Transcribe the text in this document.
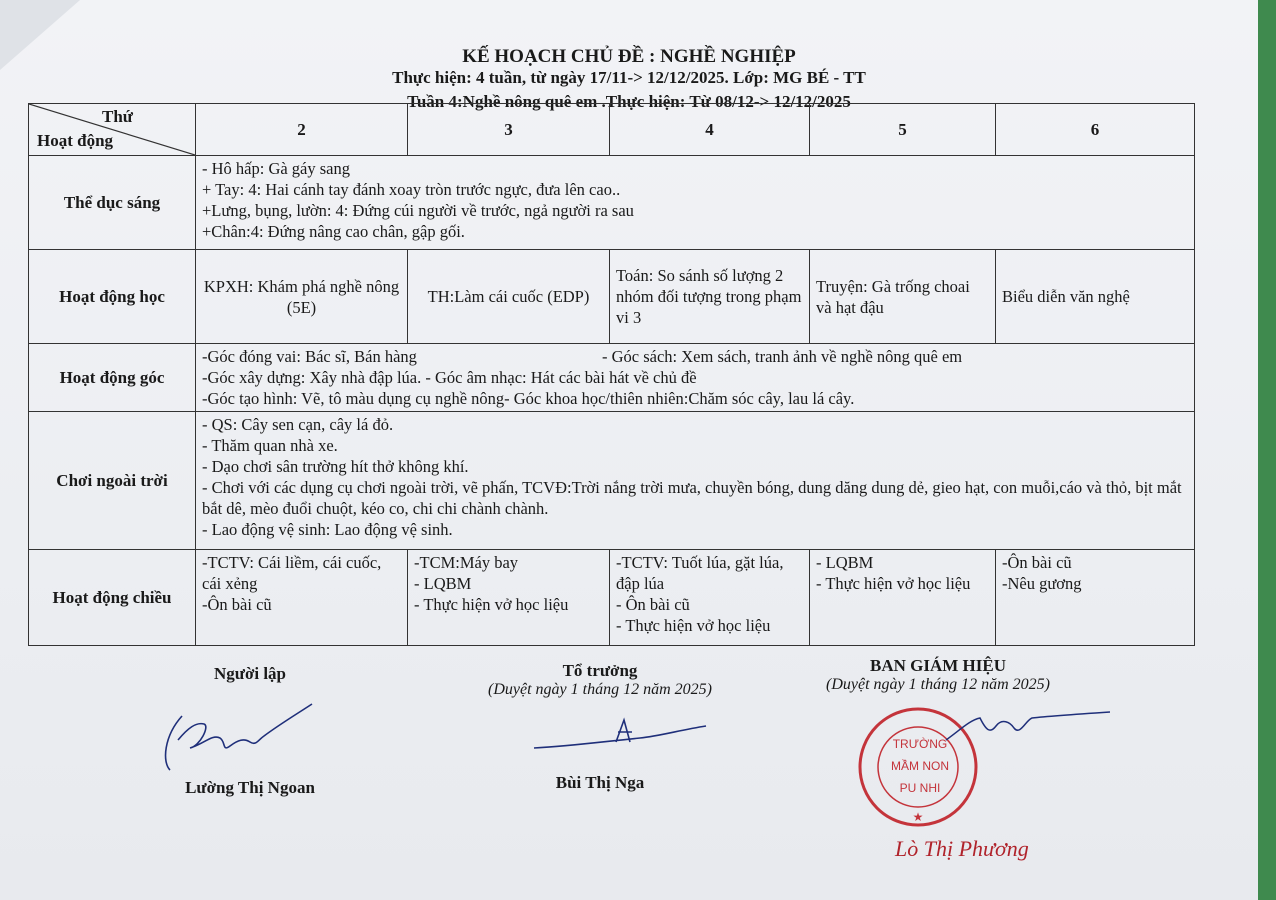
KẾ HOẠCH CHỦ ĐỀ : NGHỀ NGHIỆP
Thực hiện: 4 tuần, từ ngày 17/11-> 12/12/2025. Lớp: MG BÉ - TT
Tuần 4:Nghề nông quê em .Thực hiện: Từ 08/12-> 12/12/2025
Thứ
Hoạt động	2	3	4	5	6
Thể dục sáng	- Hô hấp: Gà gáy sang
+ Tay: 4: Hai cánh tay đánh xoay tròn trước ngực, đưa lên cao..
+Lưng, bụng, lườn: 4: Đứng cúi người về trước, ngả người ra sau
+Chân:4: Đứng nâng cao chân, gập gối.				

Hoạt động học	KPXH: Khám phá nghề nông (5E)	TH:Làm cái cuốc (EDP)	Toán: So sánh số lượng 2 nhóm đối tượng trong phạm vi 3	Truyện: Gà trống choai và hạt đậu	Biểu diễn văn nghệ
Hoạt động góc	-Góc đóng vai: Bác sĩ, Bán hàng - Góc sách: Xem sách, tranh ảnh về nghề nông quê em
-Góc xây dựng: Xây nhà đập lúa. - Góc âm nhạc: Hát các bài hát về chủ đề
-Góc tạo hình: Vẽ, tô màu dụng cụ nghề nông- Góc khoa học/thiên nhiên:Chăm sóc cây, lau lá cây.				

Chơi ngoài trời	- QS: Cây sen cạn, cây lá đỏ.
- Thăm quan nhà xe.
- Dạo chơi sân trường hít thở không khí.
- Chơi với các dụng cụ chơi ngoài trời, vẽ phấn, TCVĐ:Trời nắng trời mưa, chuyền bóng, dung dăng dung dẻ, gieo hạt, con muỗi,cáo và thỏ, bịt mắt bắt dê, mèo đuổi chuột, kéo co, chi chi chành chành.
- Lao động vệ sinh: Lao động vệ sinh.				

Hoạt động chiều	-TCTV: Cái liềm, cái cuốc, cái xẻng
-Ôn bài cũ	-TCM:Máy bay
- LQBM
- Thực hiện vở học liệu	-TCTV: Tuốt lúa, gặt lúa, đập lúa
- Ôn bài cũ
- Thực hiện vở học liệu	- LQBM
- Thực hiện vở học liệu	-Ôn bài cũ
-Nêu gương
Người lập
Lường Thị Ngoan
Tổ trưởng
(Duyệt ngày 1 tháng 12 năm 2025)
Bùi Thị Nga
BAN GIÁM HIỆU
(Duyệt ngày 1 tháng 12 năm 2025)
★
TRƯỜNG
MẦM NON
PU NHI
Lò Thị Phương
